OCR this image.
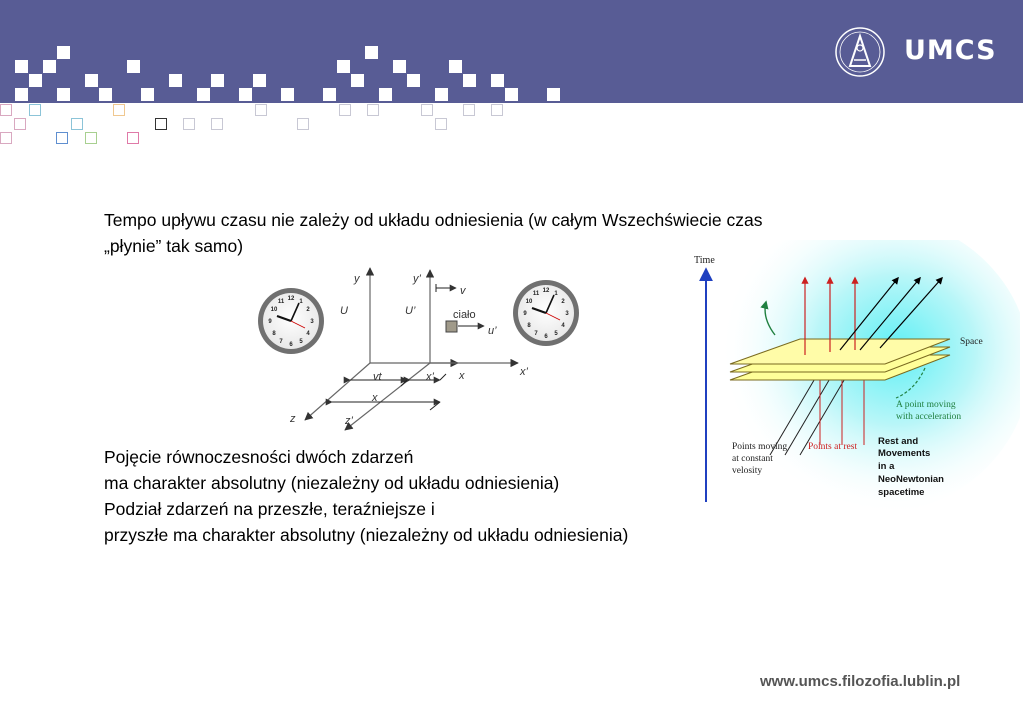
UMCS
Tempo upływu czasu nie zależy od układu odniesienia (w całym Wszechświecie czas
„płynie” tak samo)
Pojęcie równoczesności dwóch zdarzeń
ma charakter absolutny (niezależny od układu odniesienia)
Podział zdarzeń na przeszłe, teraźniejsze i
przyszłe ma charakter absolutny (niezależny od układu odniesienia)
12 1
2
3
4
5
6
7
8
9
10
11
12 1
2
3
4
5
6
7
8
9
10
11
y
U
y’
U’
v
u’
vt	x’
x
x	x’
z	z’
ciało
Time
Space
A point moving
with acceleration
Points moving
at constant
velosity
Points at rest Rest and
Movements
in a
NeoNewtonian
spacetime
www.umcs.filozofia.lublin.pl
